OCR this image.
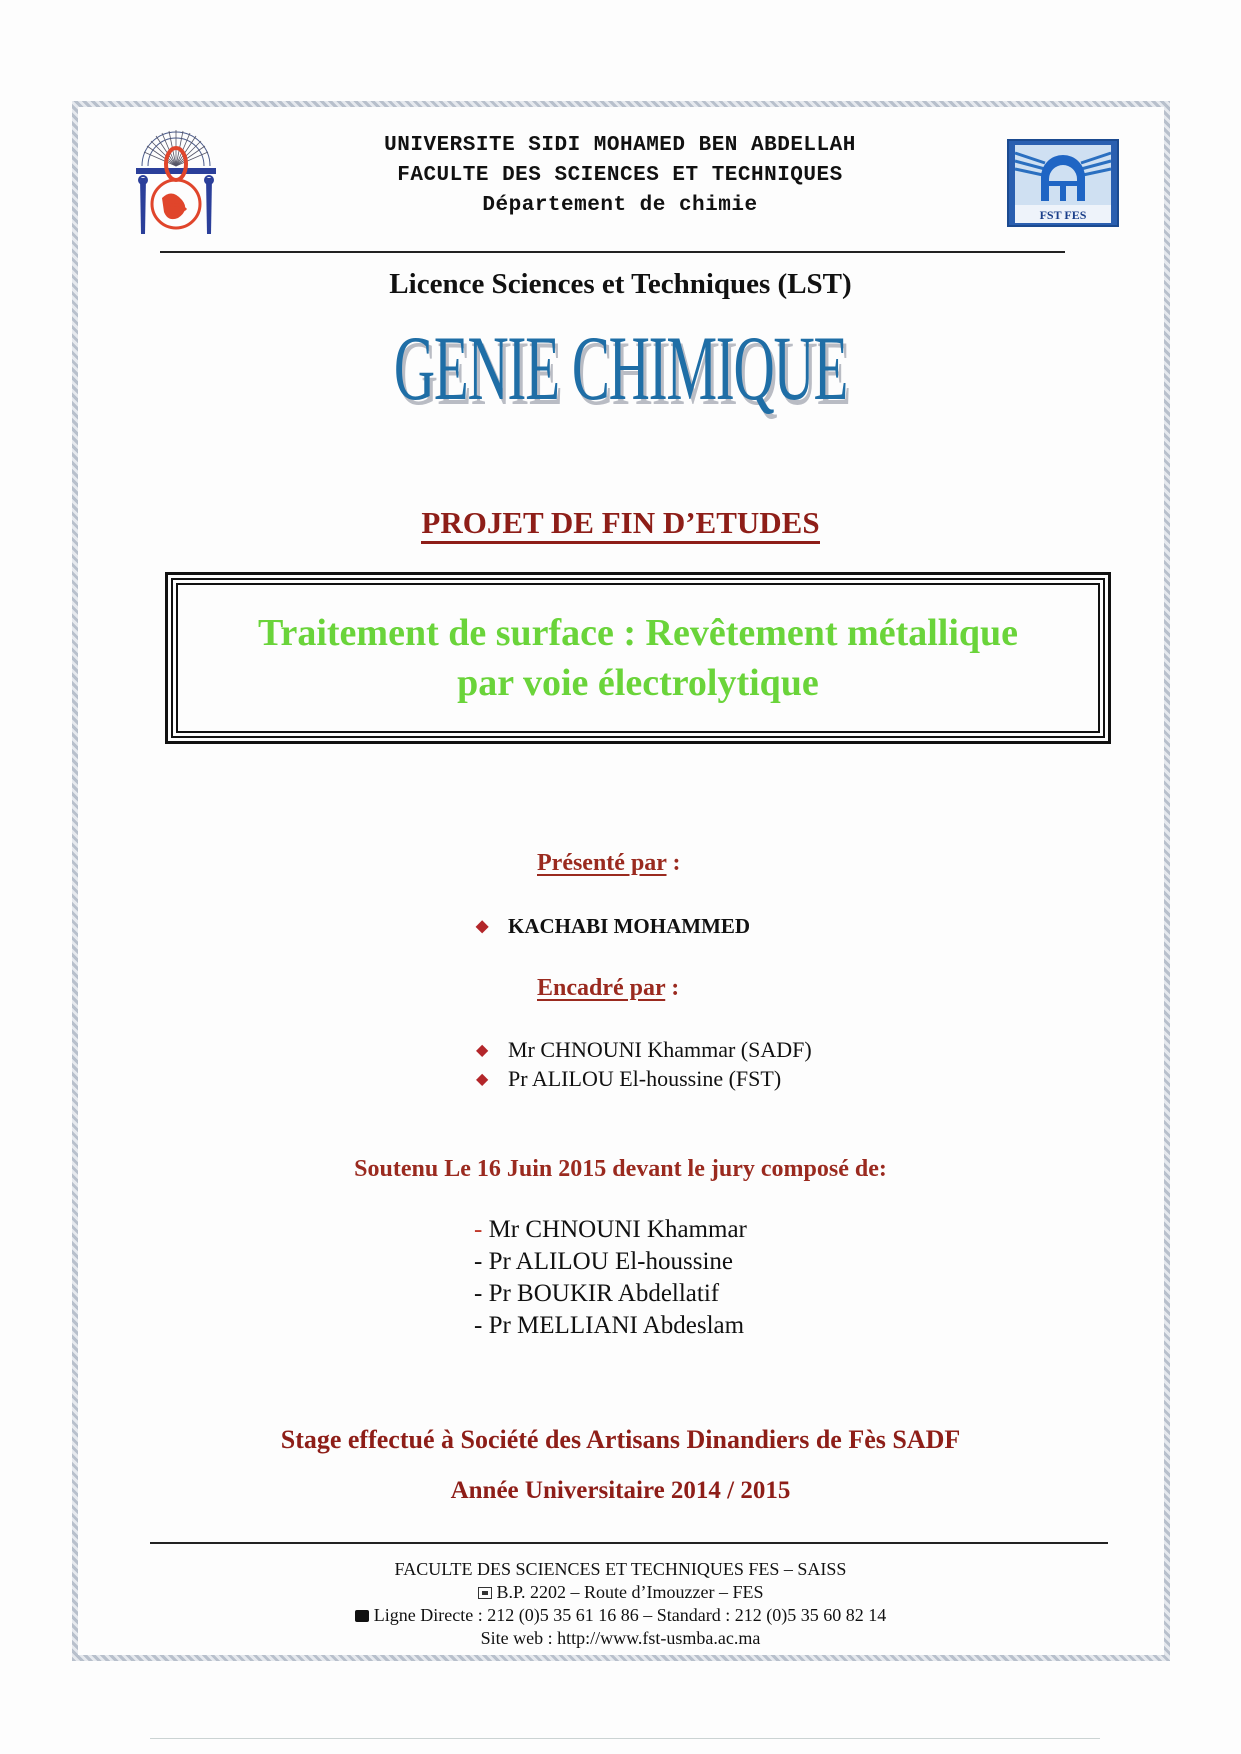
FST FES
UNIVERSITE SIDI MOHAMED BEN ABDELLAH
FACULTE DES SCIENCES ET TECHNIQUES
Département de chimie
Licence Sciences et Techniques (LST)
GENIE CHIMIQUE
PROJET DE FIN D’ETUDES
Traitement de surface : Revêtement métallique
par voie électrolytique
Présenté par :
◆ KACHABI MOHAMMED
Encadré par :
◆ Mr CHNOUNI Khammar (SADF)
◆ Pr ALILOU El-houssine (FST)
Soutenu Le 16 Juin 2015 devant le jury composé de:
- Mr CHNOUNI Khammar
- Pr ALILOU El-houssine
- Pr BOUKIR Abdellatif
- Pr MELLIANI Abdeslam
Stage effectué à Société des Artisans Dinandiers de Fès SADF
Année Universitaire 2014 / 2015
FACULTE DES SCIENCES ET TECHNIQUES FES – SAISS
B.P. 2202 – Route d’Imouzzer – FES
Ligne Directe : 212 (0)5 35 61 16 86 – Standard : 212 (0)5 35 60 82 14
Site web : http://www.fst-usmba.ac.ma
